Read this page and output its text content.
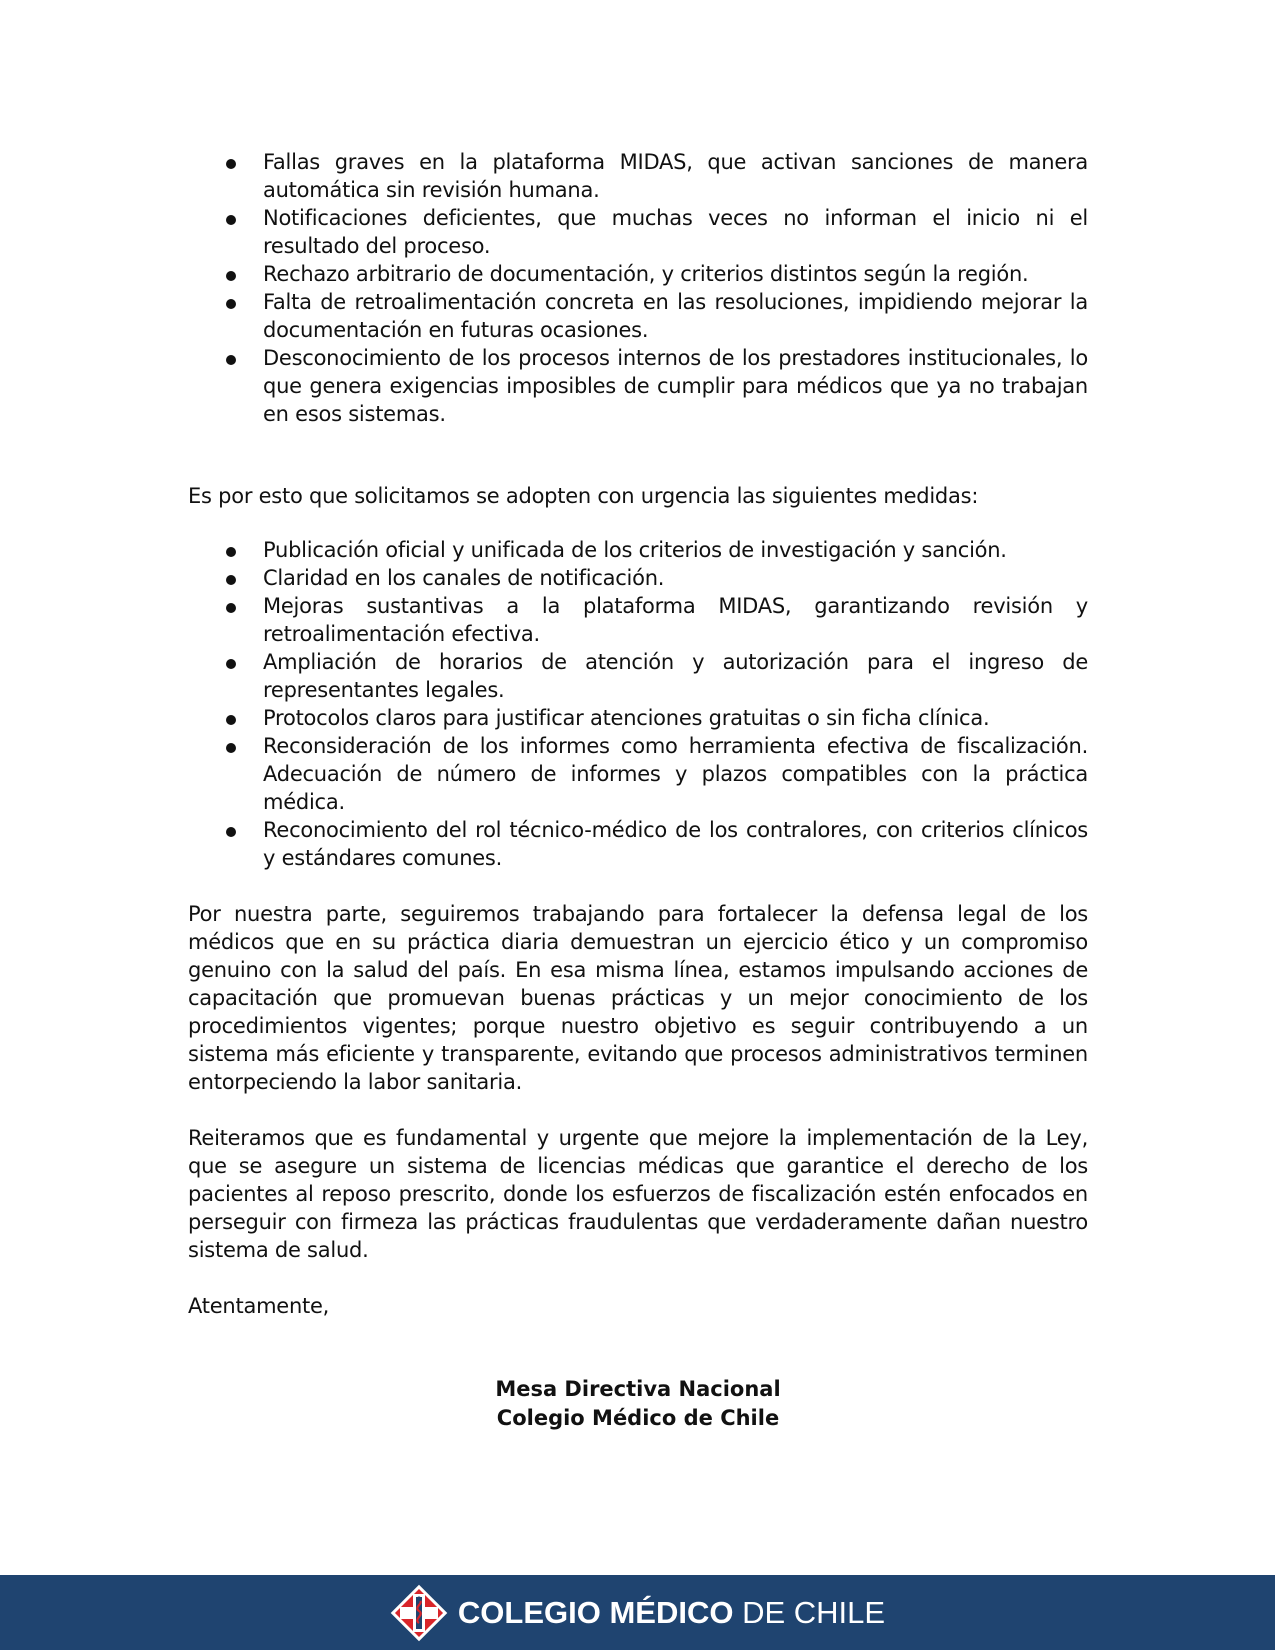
Fallas graves en la plataforma MIDAS, que activan sanciones de manera automática sin revisión humana.
Notificaciones deficientes, que muchas veces no informan el inicio ni el resultado del proceso.
Rechazo arbitrario de documentación, y criterios distintos según la región.
Falta de retroalimentación concreta en las resoluciones, impidiendo mejorar la documentación en futuras ocasiones.
Desconocimiento de los procesos internos de los prestadores institucionales, lo que genera exigencias imposibles de cumplir para médicos que ya no trabajan en esos sistemas.

Es por esto que solicitamos se adopten con urgencia las siguientes medidas:

Publicación oficial y unificada de los criterios de investigación y sanción.
Claridad en los canales de notificación.
Mejoras sustantivas a la plataforma MIDAS, garantizando revisión y retroalimentación efectiva.
Ampliación de horarios de atención y autorización para el ingreso de representantes legales.
Protocolos claros para justificar atenciones gratuitas o sin ficha clínica.
Reconsideración de los informes como herramienta efectiva de fiscalización. Adecuación de número de informes y plazos compatibles con la práctica médica.
Reconocimiento del rol técnico-médico de los contralores, con criterios clínicos y estándares comunes.

Por nuestra parte, seguiremos trabajando para fortalecer la defensa legal de los médicos que en su práctica diaria demuestran un ejercicio ético y un compromiso genuino con la salud del país. En esa misma línea, estamos impulsando acciones de capacitación que promuevan buenas prácticas y un mejor conocimiento de los procedimientos vigentes; porque nuestro objetivo es seguir contribuyendo a un sistema más eficiente y transparente, evitando que procesos administrativos terminen entorpeciendo la labor sanitaria.

Reiteramos que es fundamental y urgente que mejore la implementación de la Ley, que se asegure un sistema de licencias médicas que garantice el derecho de los pacientes al reposo prescrito, donde los esfuerzos de fiscalización estén enfocados en perseguir con firmeza las prácticas fraudulentas que verdaderamente dañan nuestro sistema de salud.

Atentamente,

Mesa Directiva Nacional
Colegio Médico de Chile
COLEGIO MÉDICO DE CHILE
